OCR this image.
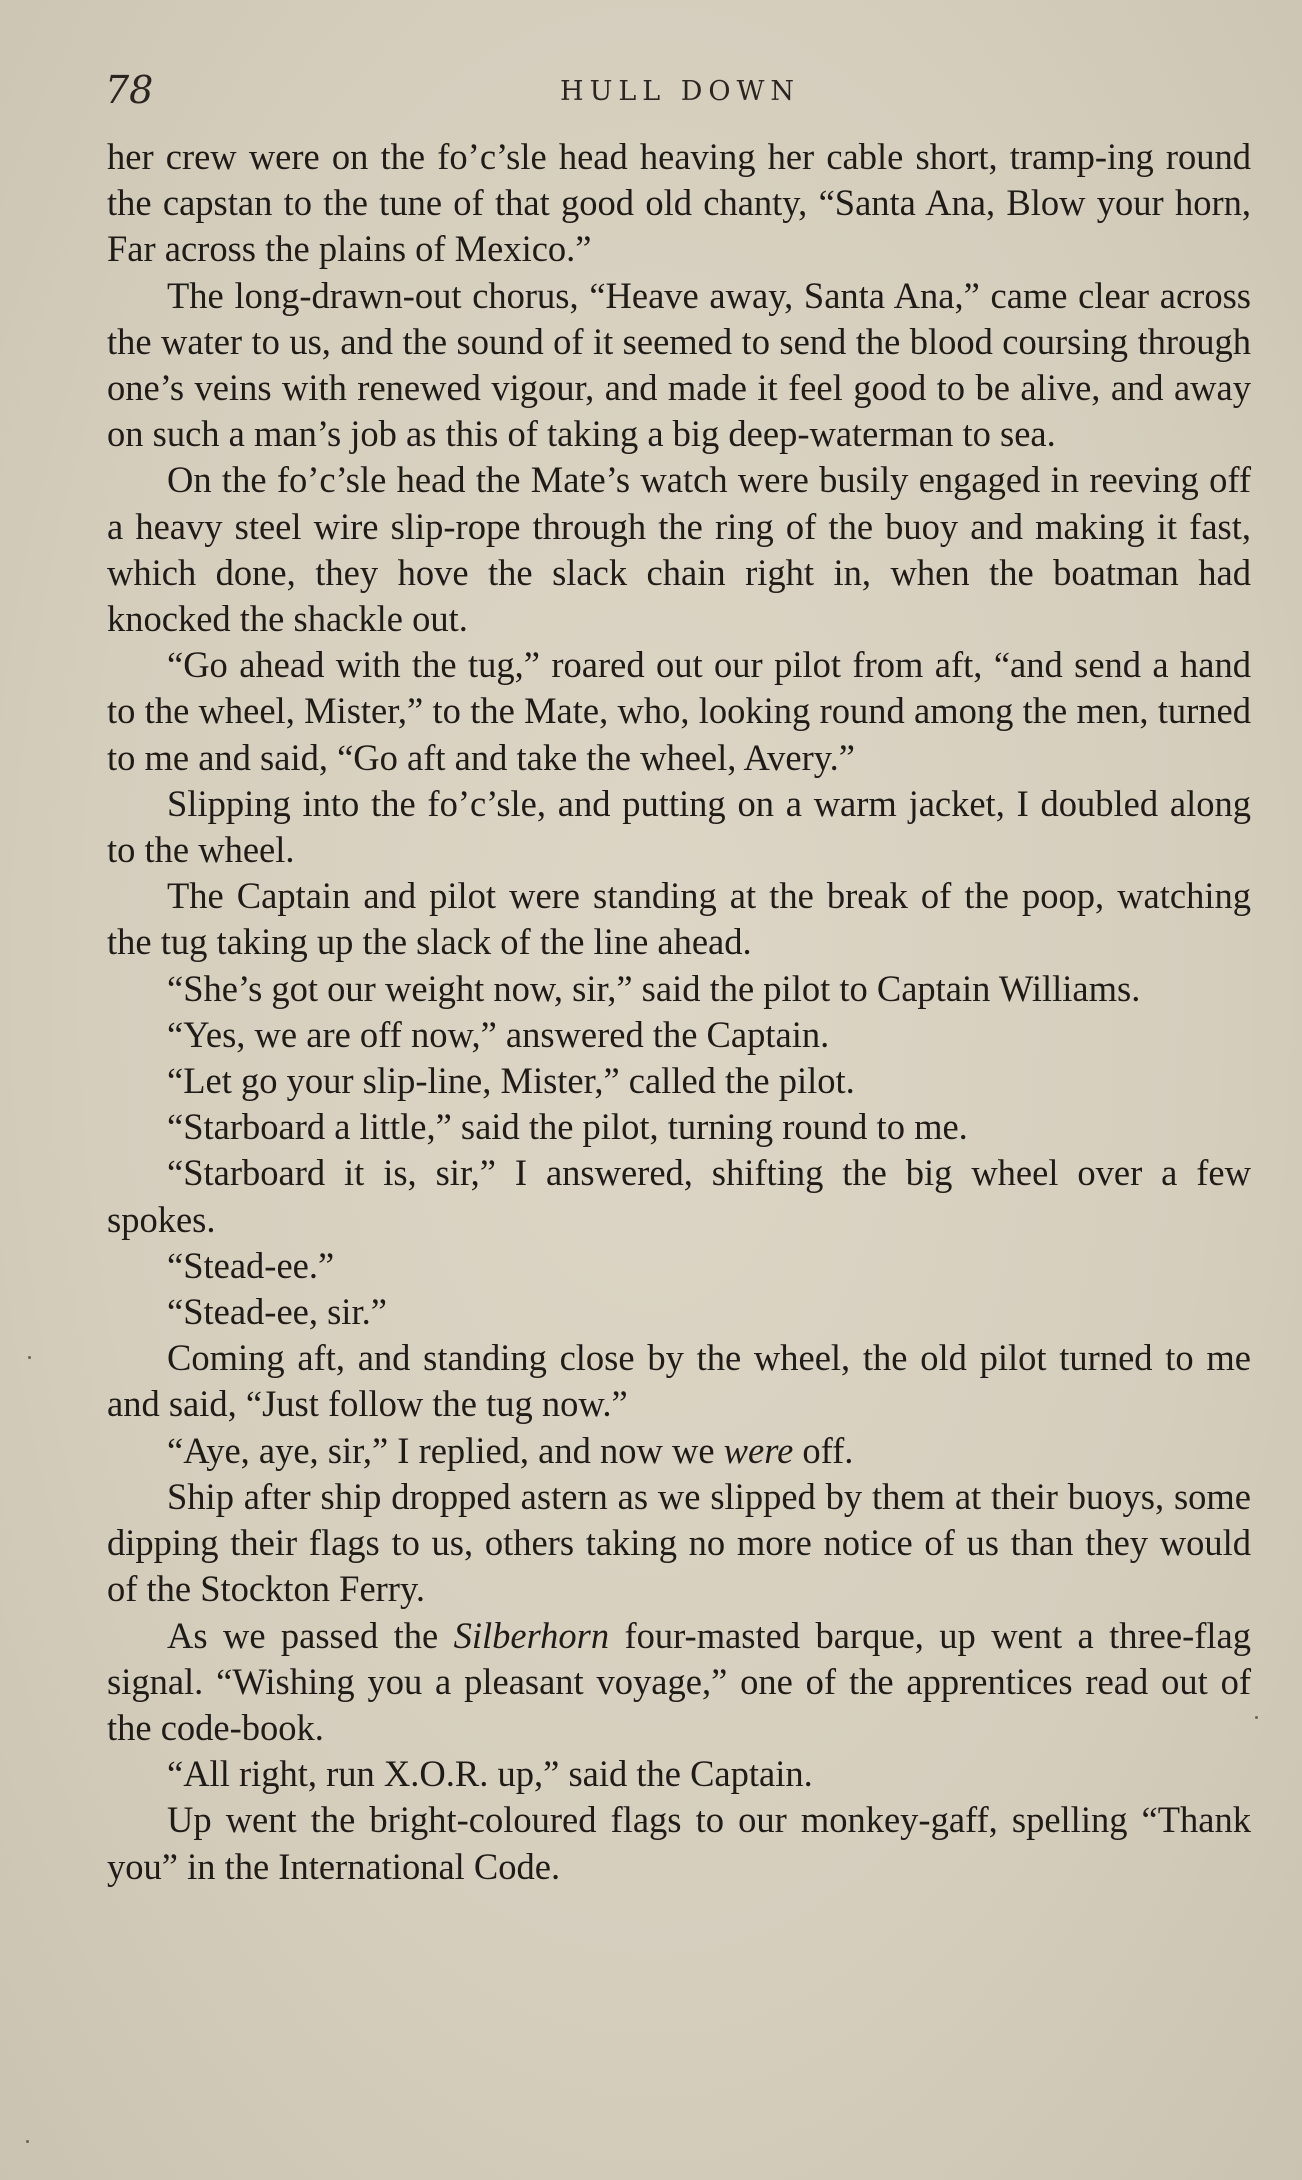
78	HULL DOWN

her crew were on the fo’c’sle head heaving her cable short, tramp-ing round the capstan to the tune of that good old chanty, “Santa Ana, Blow your horn, Far across the plains of Mexico.”

The long-drawn-out chorus, “Heave away, Santa Ana,” came clear across the water to us, and the sound of it seemed to send the blood coursing through one’s veins with renewed vigour, and made it feel good to be alive, and away on such a man’s job as this of taking a big deep-waterman to sea.

On the fo’c’sle head the Mate’s watch were busily engaged in reeving off a heavy steel wire slip-rope through the ring of the buoy and making it fast, which done, they hove the slack chain right in, when the boatman had knocked the shackle out.

“Go ahead with the tug,” roared out our pilot from aft, “and send a hand to the wheel, Mister,” to the Mate, who, looking round among the men, turned to me and said, “Go aft and take the wheel, Avery.”

Slipping into the fo’c’sle, and putting on a warm jacket, I doubled along to the wheel.

The Captain and pilot were standing at the break of the poop, watching the tug taking up the slack of the line ahead.

“She’s got our weight now, sir,” said the pilot to Captain Williams.

“Yes, we are off now,” answered the Captain.

“Let go your slip-line, Mister,” called the pilot.

“Starboard a little,” said the pilot, turning round to me.

“Starboard it is, sir,” I answered, shifting the big wheel over a few spokes.

“Stead-ee.”

“Stead-ee, sir.”

Coming aft, and standing close by the wheel, the old pilot turned to me and said, “Just follow the tug now.”

“Aye, aye, sir,” I replied, and now we were off.

Ship after ship dropped astern as we slipped by them at their buoys, some dipping their flags to us, others taking no more notice of us than they would of the Stockton Ferry.

As we passed the Silberhorn four-masted barque, up went a three-flag signal. “Wishing you a pleasant voyage,” one of the apprentices read out of the code-book.

“All right, run X.O.R. up,” said the Captain.

Up went the bright-coloured flags to our monkey-gaff, spelling “Thank you” in the International Code.
